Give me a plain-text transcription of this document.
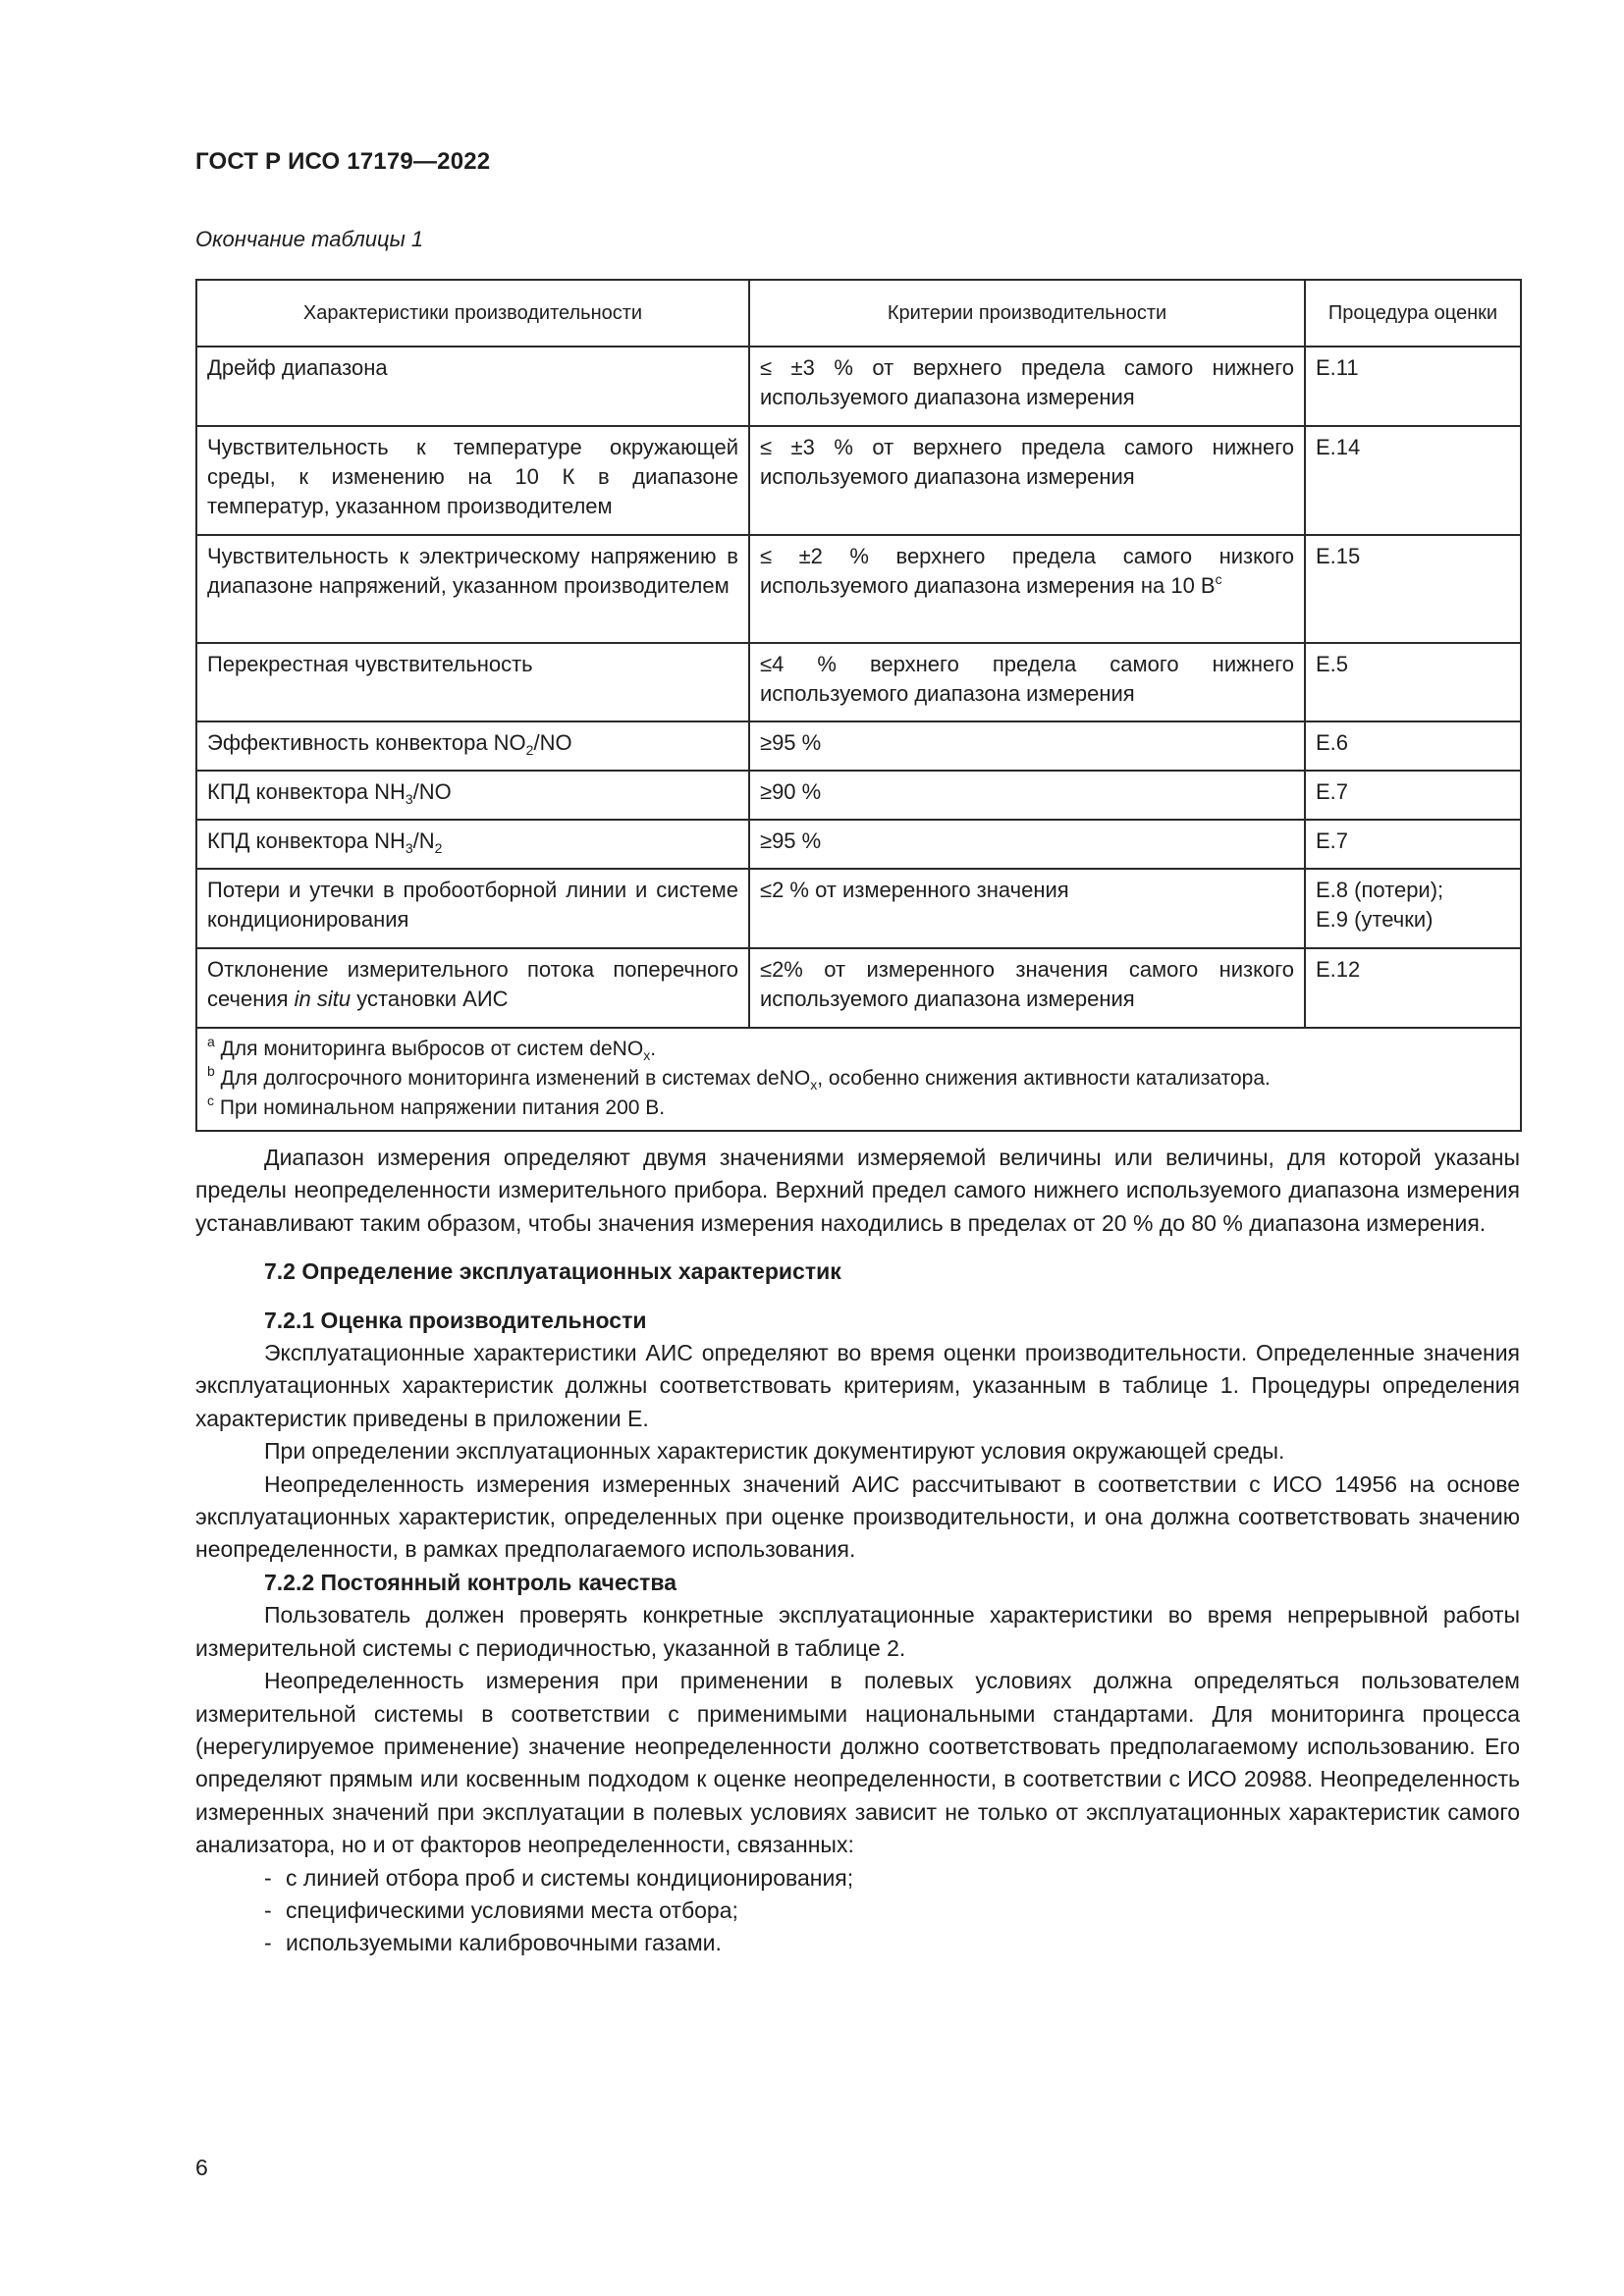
ГОСТ Р ИСО 17179—2022
Окончание таблицы 1
Характеристики производительности	Критерии производительности	Процедура оценки
Дрейф диапазона	≤ ±3 % от верхнего предела самого нижнего используемого диапазона измерения	E.11
Чувствительность к температуре окружающей среды, к изменению на 10 К в диапазоне температур, указанном производителем	≤ ±3 % от верхнего предела самого нижнего используемого диапазона измерения	E.14
Чувствительность к электрическому напряжению в диапазоне напряжений, указанном производителем	≤ ±2 % верхнего предела самого низкого используемого диапазона измерения на 10 $В^c$	E.15
Перекрестная чувствительность	≤4 % верхнего предела самого нижнего используемого диапазона измерения	E.5
Эффективность конвектора $NO_2/NO$	≥95 %	E.6
КПД конвектора $NH_3/NO$	≥90 %	E.7
КПД конвектора $NH_3/N_2$	≥95 %	E.7
Потери и утечки в пробоотборной линии и системе кондиционирования	≤2 % от измеренного значения	E.8 (потери);
E.9 (утечки)

Отклонение измерительного потока поперечного сечения in situ установки АИС	≤2% от измеренного значения самого низкого используемого диапазона измерения	E.12

$^a$ Для мониторинга выбросов от систем deNO$_x$.
$^b$ Для долгосрочного мониторинга изменений в системах deNO$_x$, особенно снижения активности катализатора.
$^c$ При номинальном напряжении питания 200 В.		

Диапазон измерения определяют двумя значениями измеряемой величины или величины, для которой указаны пределы неопределенности измерительного прибора. Верхний предел самого нижнего используемого диапазона измерения устанавливают таким образом, чтобы значения измерения находились в пределах от 20 % до 80 % диапазона измерения.

7.2 Определение эксплуатационных характеристик
7.2.1 Оценка производительности

Эксплуатационные характеристики АИС определяют во время оценки производительности. Определенные значения эксплуатационных характеристик должны соответствовать критериям, указанным в таблице 1. Процедуры определения характеристик приведены в приложении Е.

При определении эксплуатационных характеристик документируют условия окружающей среды.

Неопределенность измерения измеренных значений АИС рассчитывают в соответствии с ИСО 14956 на основе эксплуатационных характеристик, определенных при оценке производительности, и она должна соответствовать значению неопределенности, в рамках предполагаемого использования.

7.2.2 Постоянный контроль качества

Пользователь должен проверять конкретные эксплуатационные характеристики во время непрерывной работы измерительной системы с периодичностью, указанной в таблице 2.

Неопределенность измерения при применении в полевых условиях должна определяться пользователем измерительной системы в соответствии с применимыми национальными стандартами. Для мониторинга процесса (нерегулируемое применение) значение неопределенности должно соответствовать предполагаемому использованию. Его определяют прямым или косвенным подходом к оценке неопределенности, в соответствии с ИСО 20988. Неопределенность измеренных значений при эксплуатации в полевых условиях зависит не только от эксплуатационных характеристик самого анализатора, но и от факторов неопределенности, связанных:

- с линией отбора проб и системы кондиционирования;
- специфическими условиями места отбора;
- используемыми калибровочными газами.
6
